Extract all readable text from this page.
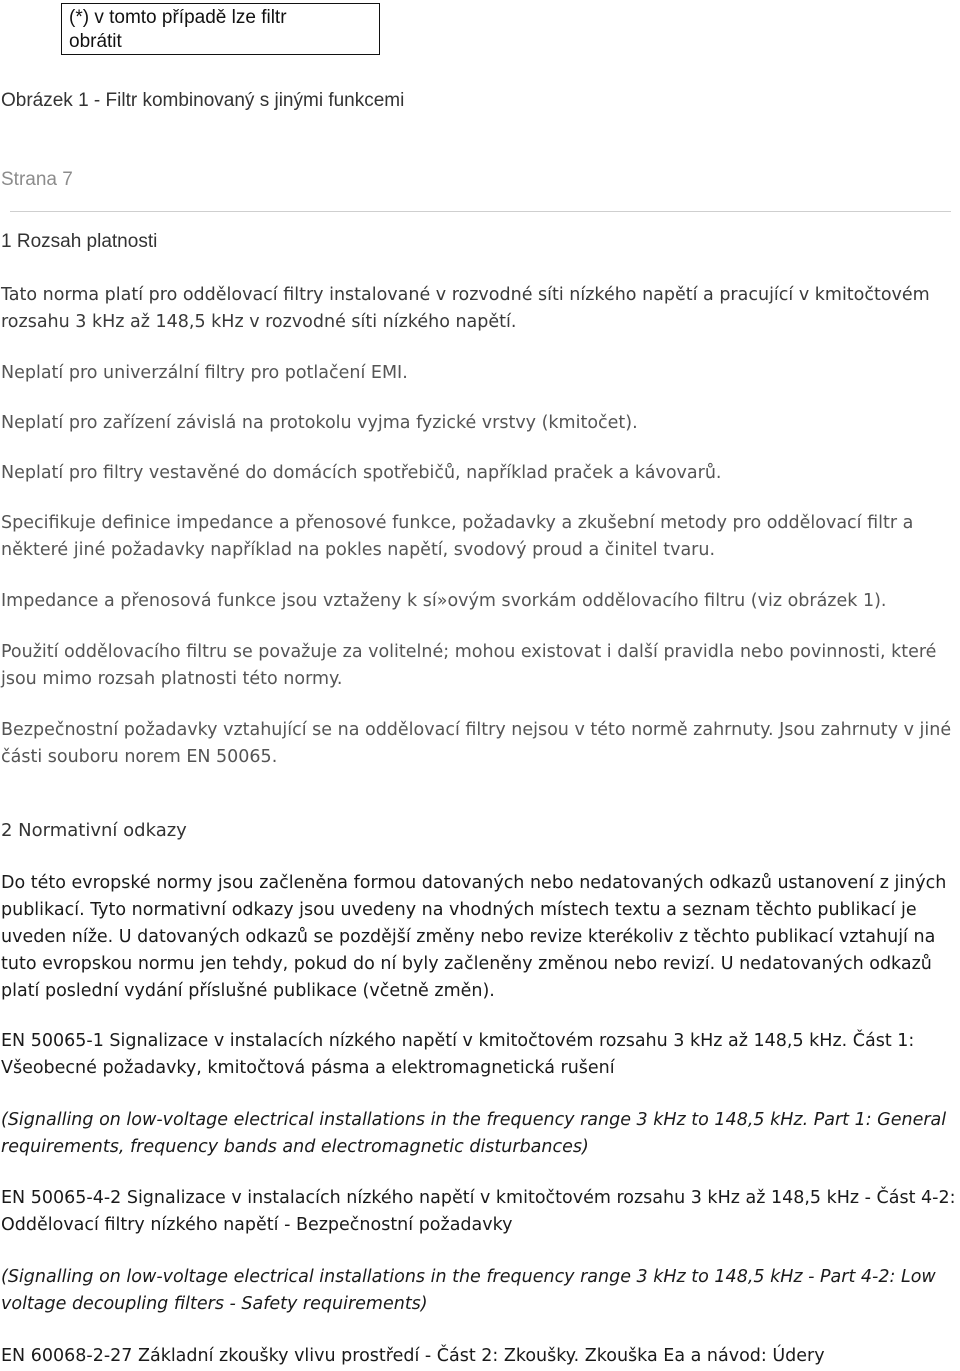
(*) v tomto případě lze filtr
obrátit
Obrázek 1 - Filtr kombinovaný s jinými funkcemi
Strana 7
1 Rozsah platnosti

Tato norma platí pro oddělovací filtry instalované v rozvodné síti nízkého napětí a pracující v kmitočtovém rozsahu 3 kHz až 148,5 kHz v rozvodné síti nízkého napětí.

Neplatí pro univerzální filtry pro potlačení EMI.

Neplatí pro zařízení závislá na protokolu vyjma fyzické vrstvy (kmitočet).

Neplatí pro filtry vestavěné do domácích spotřebičů, například praček a kávovarů.

Specifikuje definice impedance a přenosové funkce, požadavky a zkušební metody pro oddělovací filtr a některé jiné požadavky například na pokles napětí, svodový proud a činitel tvaru.

Impedance a přenosová funkce jsou vztaženy k sí»ovým svorkám oddělovacího filtru (viz obrázek 1).

Použití oddělovacího filtru se považuje za volitelné; mohou existovat i další pravidla nebo povinnosti, které jsou mimo rozsah platnosti této normy.

Bezpečnostní požadavky vztahující se na oddělovací filtry nejsou v této normě zahrnuty. Jsou zahrnuty v jiné části souboru norem EN 50065.

2 Normativní odkazy

Do této evropské normy jsou začleněna formou datovaných nebo nedatovaných odkazů ustanovení z jiných publikací. Tyto normativní odkazy jsou uvedeny na vhodných místech textu a seznam těchto publikací je uveden níže. U datovaných odkazů se pozdější změny nebo revize kterékoliv z těchto publikací vztahují na tuto evropskou normu jen tehdy, pokud do ní byly začleněny změnou nebo revizí. U nedatovaných odkazů platí poslední vydání příslušné publikace (včetně změn).

EN 50065-1 Signalizace v instalacích nízkého napětí v kmitočtovém rozsahu 3 kHz až 148,5 kHz. Část 1: Všeobecné požadavky, kmitočtová pásma a elektromagnetická rušení

(Signalling on low-voltage electrical installations in the frequency range 3 kHz to 148,5 kHz. Part 1: General requirements, frequency bands and electromagnetic disturbances)

EN 50065-4-2 Signalizace v instalacích nízkého napětí v kmitočtovém rozsahu 3 kHz až 148,5 kHz - Část 4-2: Oddělovací filtry nízkého napětí - Bezpečnostní požadavky

(Signalling on low-voltage electrical installations in the frequency range 3 kHz to 148,5 kHz - Part 4-2: Low voltage decoupling filters - Safety requirements)

EN 60068-2-27 Základní zkoušky vlivu prostředí - Část 2: Zkoušky. Zkouška Ea a návod: Údery
